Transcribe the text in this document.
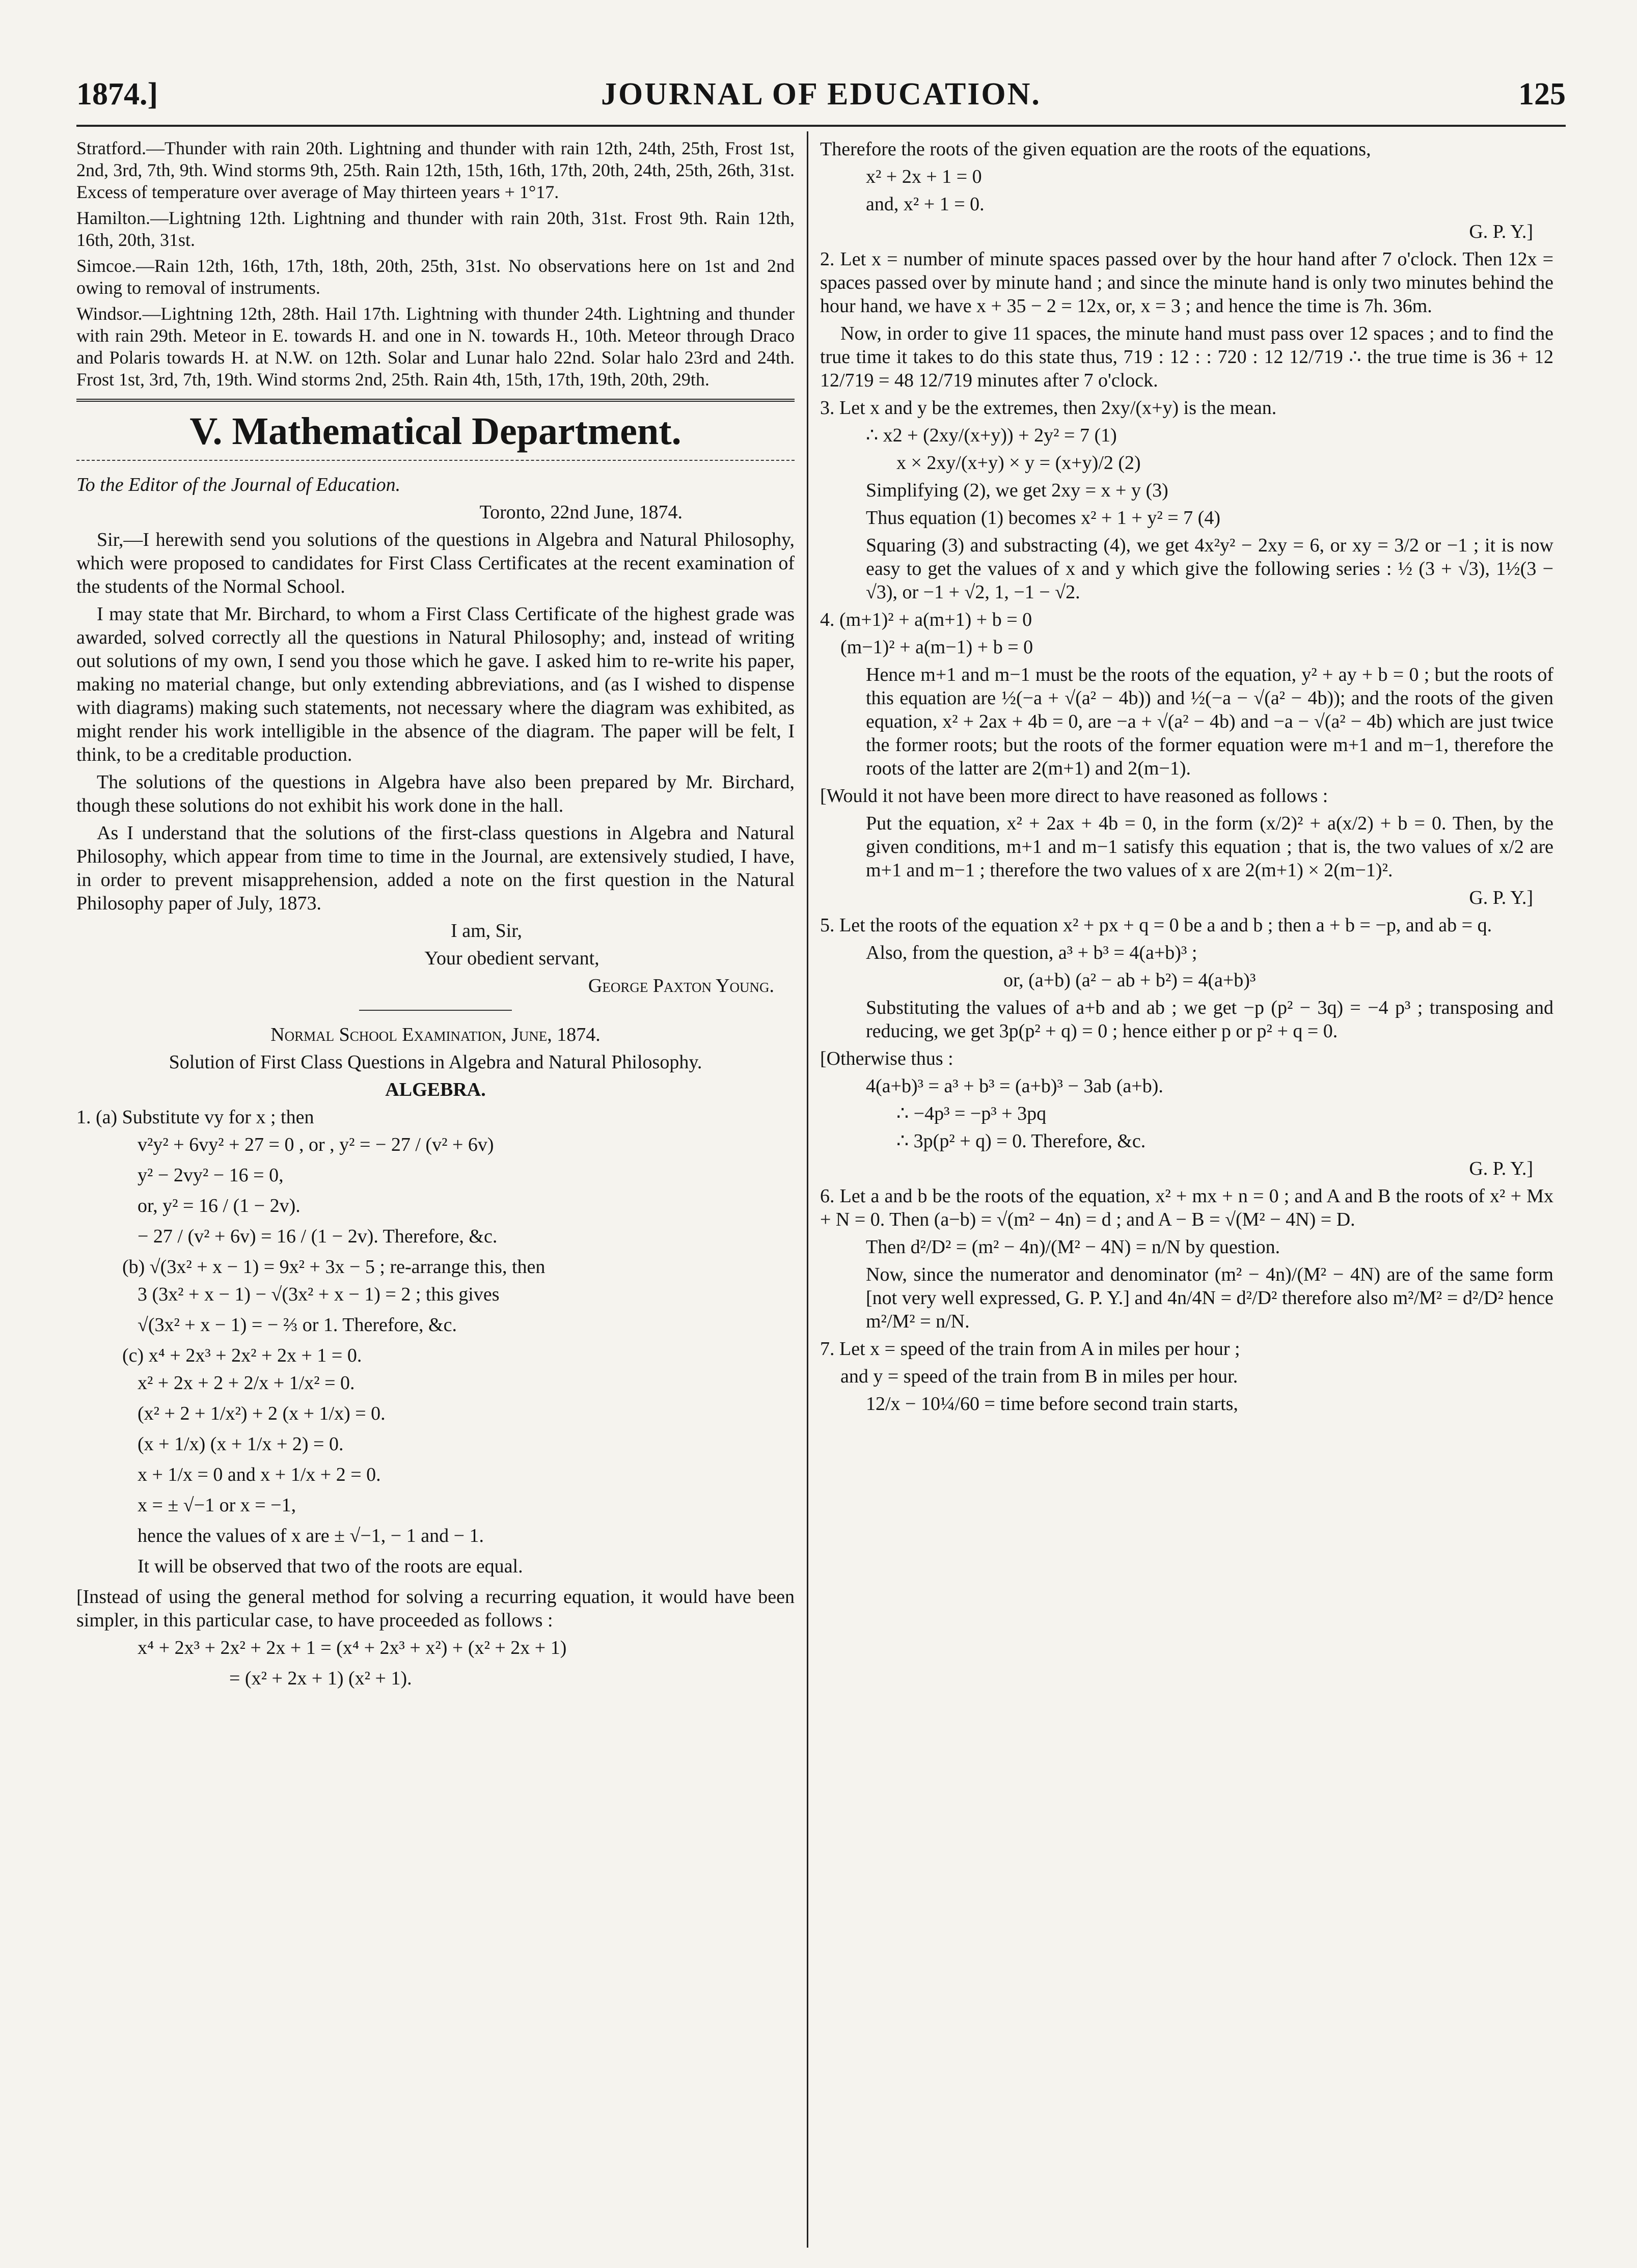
1874.]	JOURNAL OF EDUCATION.	125

Stratford.—Thunder with rain 20th. Lightning and thunder with rain 12th, 24th, 25th, Frost 1st, 2nd, 3rd, 7th, 9th. Wind storms 9th, 25th. Rain 12th, 15th, 16th, 17th, 20th, 24th, 25th, 26th, 31st. Excess of temperature over average of May thirteen years + 1°17.

Hamilton.—Lightning 12th. Lightning and thunder with rain 20th, 31st. Frost 9th. Rain 12th, 16th, 20th, 31st.

Simcoe.—Rain 12th, 16th, 17th, 18th, 20th, 25th, 31st. No observations here on 1st and 2nd owing to removal of instruments.

Windsor.—Lightning 12th, 28th. Hail 17th. Lightning with thunder 24th. Lightning and thunder with rain 29th. Meteor in E. towards H. and one in N. towards H., 10th. Meteor through Draco and Polaris towards H. at N.W. on 12th. Solar and Lunar halo 22nd. Solar halo 23rd and 24th. Frost 1st, 3rd, 7th, 19th. Wind storms 2nd, 25th. Rain 4th, 15th, 17th, 19th, 20th, 29th.

V. Mathematical Department.

To the Editor of the Journal of Education.

Toronto, 22nd June, 1874.

Sir,—I herewith send you solutions of the questions in Algebra and Natural Philosophy, which were proposed to candidates for First Class Certificates at the recent examination of the students of the Normal School.

I may state that Mr. Birchard, to whom a First Class Certificate of the highest grade was awarded, solved correctly all the questions in Natural Philosophy; and, instead of writing out solutions of my own, I send you those which he gave. I asked him to re-write his paper, making no material change, but only extending abbreviations, and (as I wished to dispense with diagrams) making such statements, not necessary where the diagram was exhibited, as might render his work intelligible in the absence of the diagram. The paper will be felt, I think, to be a creditable production.

The solutions of the questions in Algebra have also been prepared by Mr. Birchard, though these solutions do not exhibit his work done in the hall.

As I understand that the solutions of the first-class questions in Algebra and Natural Philosophy, which appear from time to time in the Journal, are extensively studied, I have, in order to prevent misapprehension, added a note on the first question in the Natural Philosophy paper of July, 1873.

I am, Sir,

Your obedient servant,

George Paxton Young.

Normal School Examination, June, 1874.

Solution of First Class Questions in Algebra and Natural Philosophy.

ALGEBRA.

1. (a) Substitute vy for x ; then

v²y² + 6vy² + 27 = 0 , or , y² = − 27 / (v² + 6v)

y² − 2vy² − 16 = 0,

or, y² = 16 / (1 − 2v).

− 27 / (v² + 6v) = 16 / (1 − 2v). Therefore, &c.

(b) √(3x² + x − 1) = 9x² + 3x − 5 ; re-arrange this, then

3 (3x² + x − 1) − √(3x² + x − 1) = 2 ; this gives

√(3x² + x − 1) = − ⅔ or 1. Therefore, &c.

(c) x⁴ + 2x³ + 2x² + 2x + 1 = 0.

x² + 2x + 2 + 2/x + 1/x² = 0.

(x² + 2 + 1/x²) + 2 (x + 1/x) = 0.

(x + 1/x) (x + 1/x + 2) = 0.

x + 1/x = 0 and x + 1/x + 2 = 0.

x = ± √−1 or x = −1,

hence the values of x are ± √−1, − 1 and − 1.

It will be observed that two of the roots are equal.

[Instead of using the general method for solving a recurring equation, it would have been simpler, in this particular case, to have proceeded as follows :

x⁴ + 2x³ + 2x² + 2x + 1 = (x⁴ + 2x³ + x²) + (x² + 2x + 1)

= (x² + 2x + 1) (x² + 1).

Therefore the roots of the given equation are the roots of the equations,

x² + 2x + 1 = 0

and, x² + 1 = 0.

G. P. Y.]

2. Let x = number of minute spaces passed over by the hour hand after 7 o'clock. Then 12x = spaces passed over by minute hand ; and since the minute hand is only two minutes behind the hour hand, we have x + 35 − 2 = 12x, or, x = 3 ; and hence the time is 7h. 36m.

Now, in order to give 11 spaces, the minute hand must pass over 12 spaces ; and to find the true time it takes to do this state thus, 719 : 12 : : 720 : 12 12/719 ∴ the true time is 36 + 12 12/719 = 48 12/719 minutes after 7 o'clock.

3. Let x and y be the extremes, then 2xy/(x+y) is the mean.

∴ x2 + (2xy/(x+y)) + 2y² = 7 (1)

x × 2xy/(x+y) × y = (x+y)/2 (2)

Simplifying (2), we get 2xy = x + y (3)

Thus equation (1) becomes x² + 1 + y² = 7 (4)

Squaring (3) and substracting (4), we get 4x²y² − 2xy = 6, or xy = 3/2 or −1 ; it is now easy to get the values of x and y which give the following series : ½ (3 + √3), 1½(3 − √3), or −1 + √2, 1, −1 − √2.

4. (m+1)² + a(m+1) + b = 0

(m−1)² + a(m−1) + b = 0

Hence m+1 and m−1 must be the roots of the equation, y² + ay + b = 0 ; but the roots of this equation are ½(−a + √(a² − 4b)) and ½(−a − √(a² − 4b)); and the roots of the given equation, x² + 2ax + 4b = 0, are −a + √(a² − 4b) and −a − √(a² − 4b) which are just twice the former roots; but the roots of the former equation were m+1 and m−1, therefore the roots of the latter are 2(m+1) and 2(m−1).

[Would it not have been more direct to have reasoned as follows :

Put the equation, x² + 2ax + 4b = 0, in the form (x/2)² + a(x/2) + b = 0. Then, by the given conditions, m+1 and m−1 satisfy this equation ; that is, the two values of x/2 are m+1 and m−1 ; therefore the two values of x are 2(m+1) × 2(m−1)².

G. P. Y.]

5. Let the roots of the equation x² + px + q = 0 be a and b ; then a + b = −p, and ab = q.

Also, from the question, a³ + b³ = 4(a+b)³ ;

or, (a+b) (a² − ab + b²) = 4(a+b)³

Substituting the values of a+b and ab ; we get −p (p² − 3q) = −4 p³ ; transposing and reducing, we get 3p(p² + q) = 0 ; hence either p or p² + q = 0.

[Otherwise thus :

4(a+b)³ = a³ + b³ = (a+b)³ − 3ab (a+b).

∴ −4p³ = −p³ + 3pq

∴ 3p(p² + q) = 0. Therefore, &c.

G. P. Y.]

6. Let a and b be the roots of the equation, x² + mx + n = 0 ; and A and B the roots of x² + Mx + N = 0. Then (a−b) = √(m² − 4n) = d ; and A − B = √(M² − 4N) = D.

Then d²/D² = (m² − 4n)/(M² − 4N) = n/N by question.

Now, since the numerator and denominator (m² − 4n)/(M² − 4N) are of the same form [not very well expressed, G. P. Y.] and 4n/4N = d²/D² therefore also m²/M² = d²/D² hence m²/M² = n/N.

7. Let x = speed of the train from A in miles per hour ;

and y = speed of the train from B in miles per hour.

12/x − 10¼/60 = time before second train starts,
